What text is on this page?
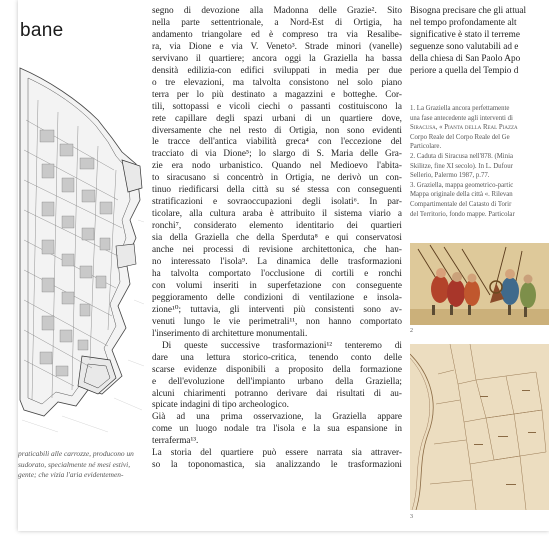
bane
praticabili alle carrozze, producono un
sudorato, specialmente né mesi estivi,
gente; che vizia l'aria evidentemen-
segno di devozione alla Madonna delle Grazie². Sito
nella parte settentrionale, a Nord-Est di Ortigia, ha
andamento triangolare ed è compreso tra via Resalibe-
ra, via Dione e via V. Veneto³. Strade minori (vanelle)
servivano il quartiere; ancora oggi la Graziella ha bassa
densità edilizia-con edifici sviluppati in media per due
o tre elevazioni, ma talvolta consistono nel solo piano
terra per lo più destinato a magazzini e botteghe. Cor-
tili, sottopassi e vicoli ciechi o passanti costituiscono la
rete capillare degli spazi urbani di un quartiere dove,
diversamente che nel resto di Ortigia, non sono evidenti
le tracce dell'antica viabilità greca⁴ con l'eccezione del
tracciato di via Dione⁵; lo slargo di S. Maria delle Gra-
zie era nodo urbanistico. Quando nel Medioevo l'abita-
to siracusano si concentrò in Ortigia, ne derivò un con-
tinuo riedificarsi della città su sé stessa con conseguenti
stratificazioni e sovraoccupazioni degli isolati⁶. In par-
ticolare, alla cultura araba è attribuito il sistema viario a
ronchi⁷, considerato elemento identitario dei quartieri
sia della Graziella che della Sperduta⁸ e qui conservatosi
anche nei processi di revisione architettonica, che han-
no interessato l'isola⁹. La dinamica delle trasformazioni
ha talvolta comportato l'occlusione di cortili e ronchi
con volumi inseriti in superfetazione con conseguente
peggioramento delle condizioni di ventilazione e insola-
zione¹⁰; tuttavia, gli interventi più consistenti sono av-
venuti lungo le vie perimetrali¹¹, non hanno comportato
l'inserimento di architetture monumentali.
Di queste successive trasformazioni¹² tenteremo di
dare una lettura storico-critica, tenendo conto delle
scarse evidenze disponibili a proposito della formazione
e dell'evoluzione dell'impianto urbano della Graziella;
alcuni chiarimenti potranno derivare dai risultati di au-
spicate indagini di tipo archeologico.
Già ad una prima osservazione, la Graziella appare
come un luogo nodale tra l'isola e la sua espansione in
terraferma¹³.
La storia del quartiere può essere narrata sia attraver-
so la toponomastica, sia analizzando le trasformazioni
Bisogna precisare che gli attual
nel tempo profondamente alt
significative è stato il terreme
seguenze sono valutabili ad e
della chiesa di San Paolo Apo
periore a quella del Tempio d
1. La Graziella ancora perfettamente
una fase antecedente agli interventi di
Siracusa, « Pianta della Real Piazza
Corpo Reale del Corpo Reale del Ge
Particolare.
2. Caduta di Siracusa nell'878. (Minia
Skilitze, fine XI secolo). In L. Dufour
Sellerio, Palermo 1987, p.77.
3. Graziella, mappa geometrico-partic
Mappa originale della città «. Rilevan
Compartimentale del Catasto di Torir
del Territorio, fondo mappe. Particolar
2
3
